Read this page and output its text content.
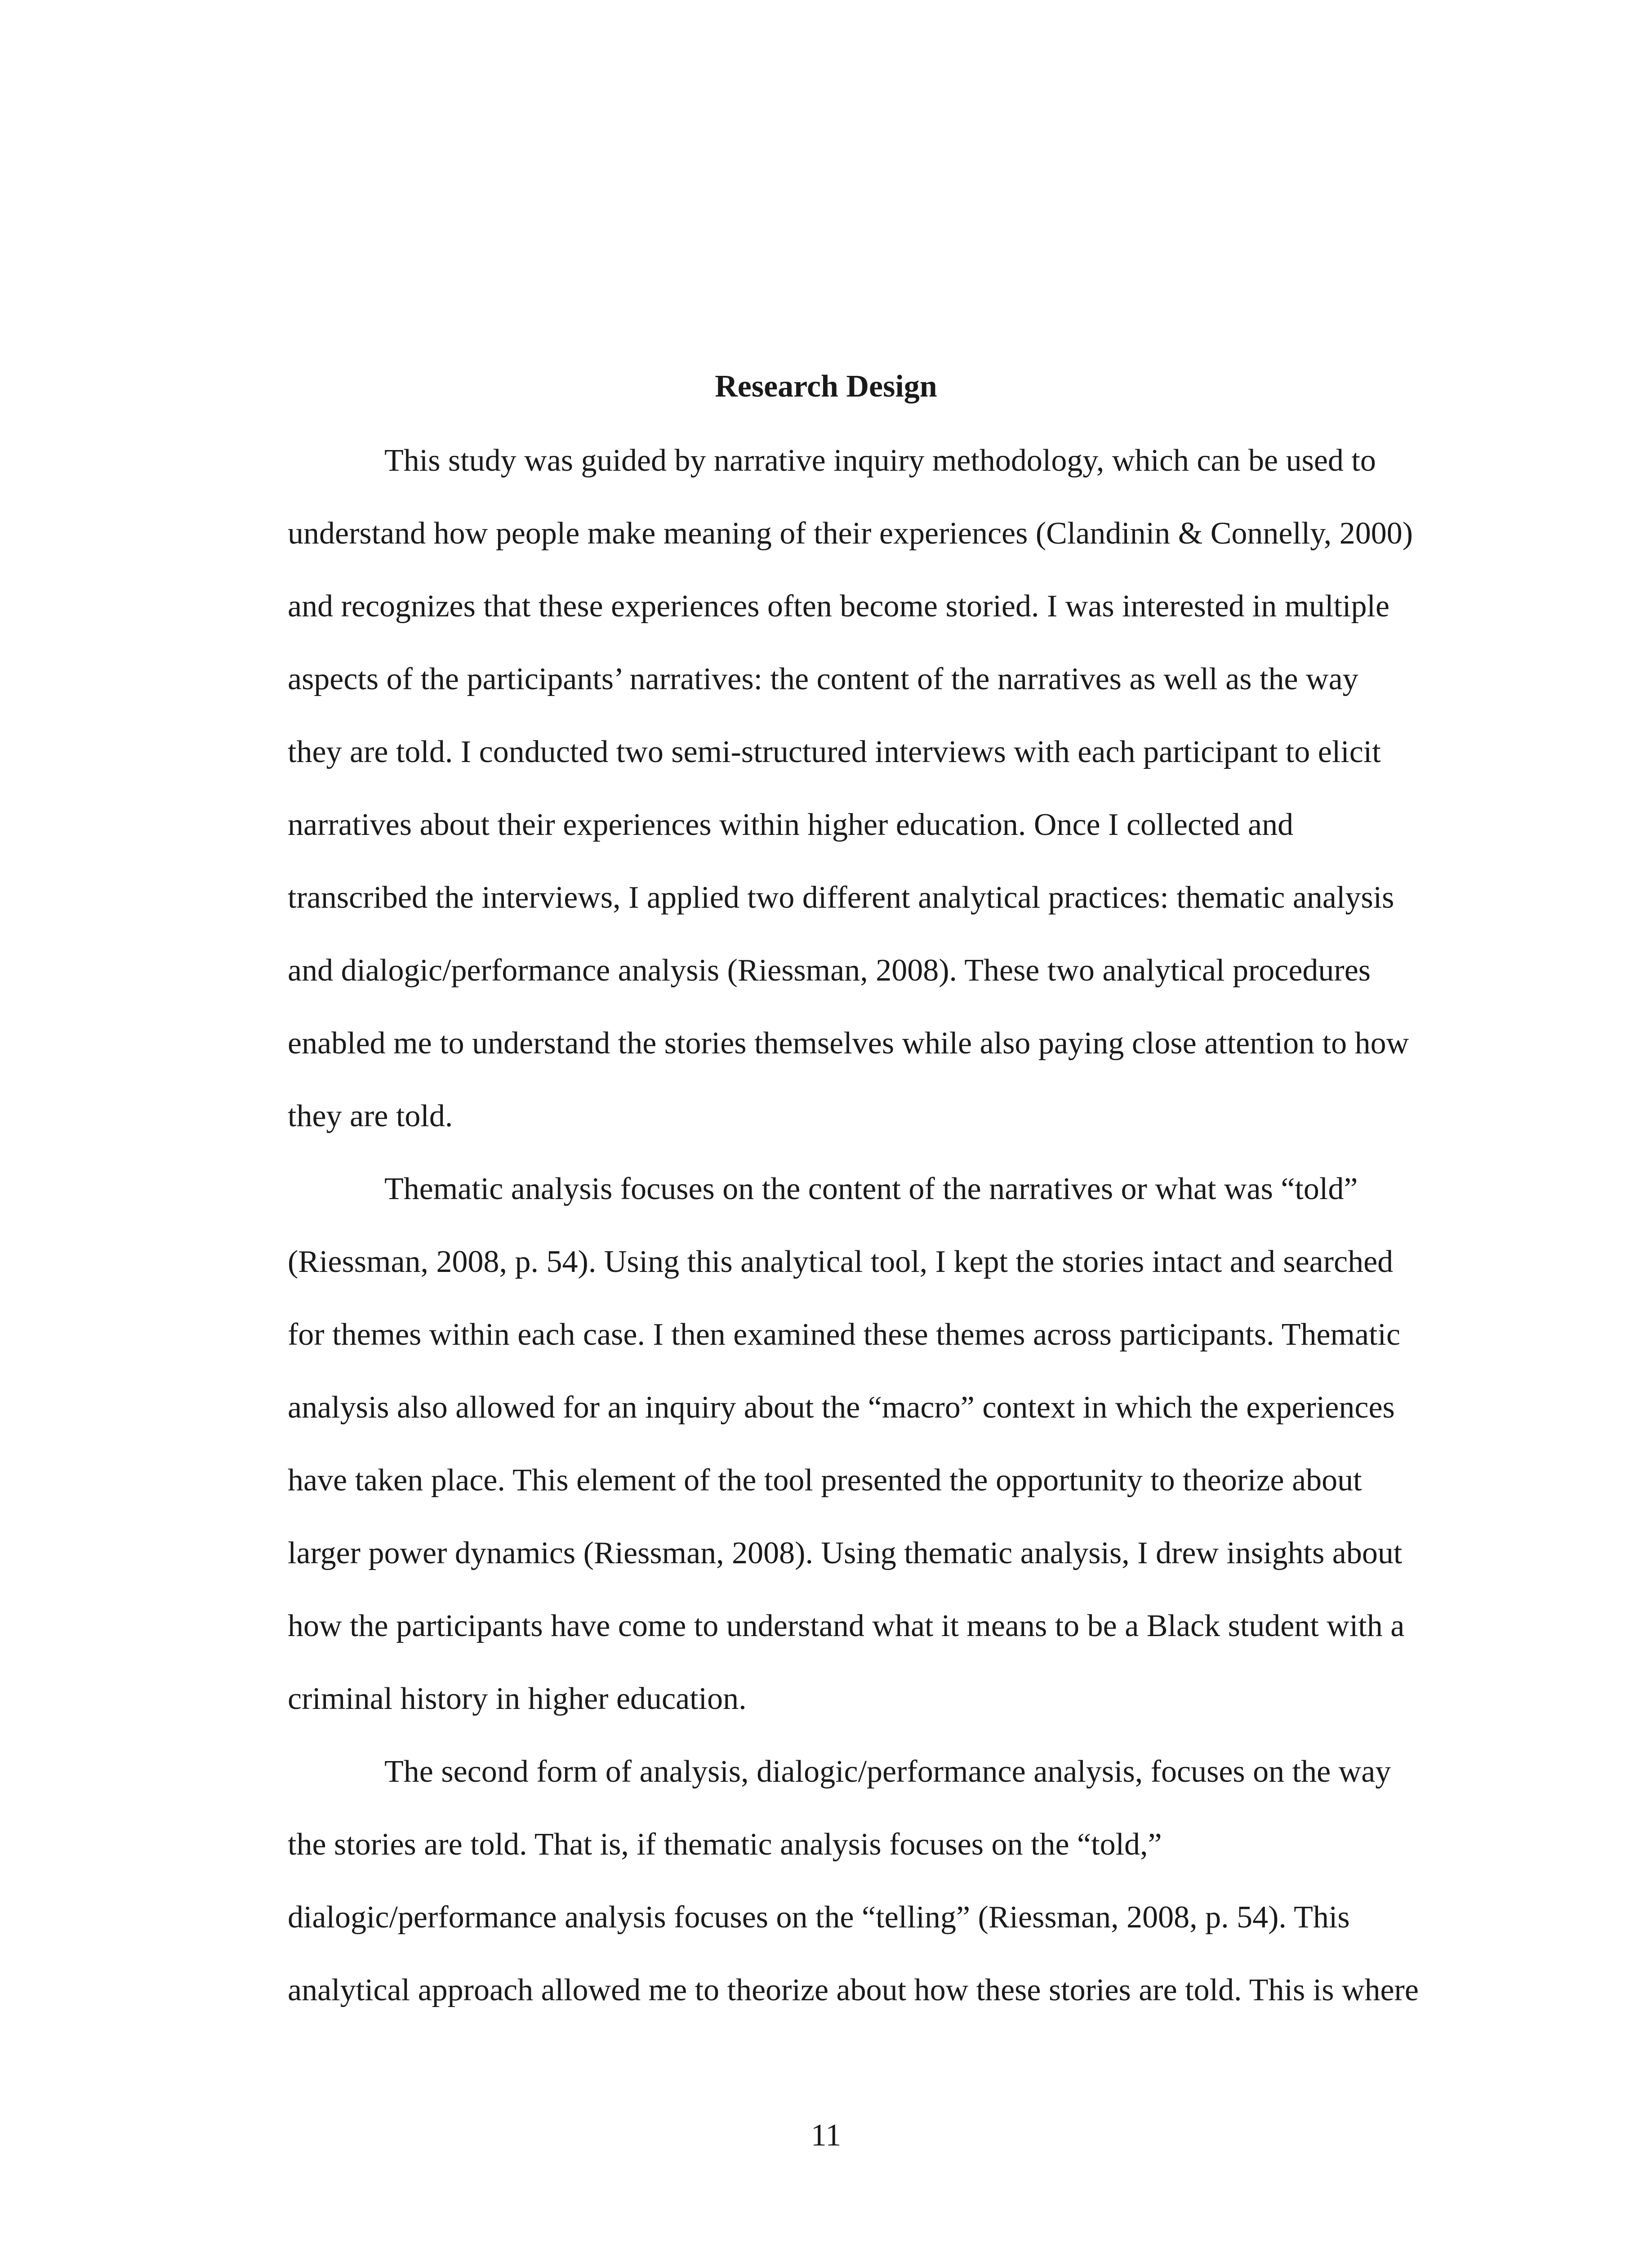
Research Design

This study was guided by narrative inquiry methodology, which can be used to

understand how people make meaning of their experiences (Clandinin & Connelly, 2000)

and recognizes that these experiences often become storied. I was interested in multiple

aspects of the participants’ narratives: the content of the narratives as well as the way

they are told. I conducted two semi-structured interviews with each participant to elicit

narratives about their experiences within higher education. Once I collected and

transcribed the interviews, I applied two different analytical practices: thematic analysis

and dialogic/performance analysis (Riessman, 2008). These two analytical procedures

enabled me to understand the stories themselves while also paying close attention to how

they are told.

Thematic analysis focuses on the content of the narratives or what was “told”

(Riessman, 2008, p. 54). Using this analytical tool, I kept the stories intact and searched

for themes within each case. I then examined these themes across participants. Thematic

analysis also allowed for an inquiry about the “macro” context in which the experiences

have taken place. This element of the tool presented the opportunity to theorize about

larger power dynamics (Riessman, 2008). Using thematic analysis, I drew insights about

how the participants have come to understand what it means to be a Black student with a

criminal history in higher education.

The second form of analysis, dialogic/performance analysis, focuses on the way

the stories are told. That is, if thematic analysis focuses on the “told,”

dialogic/performance analysis focuses on the “telling” (Riessman, 2008, p. 54). This

analytical approach allowed me to theorize about how these stories are told. This is where

11
